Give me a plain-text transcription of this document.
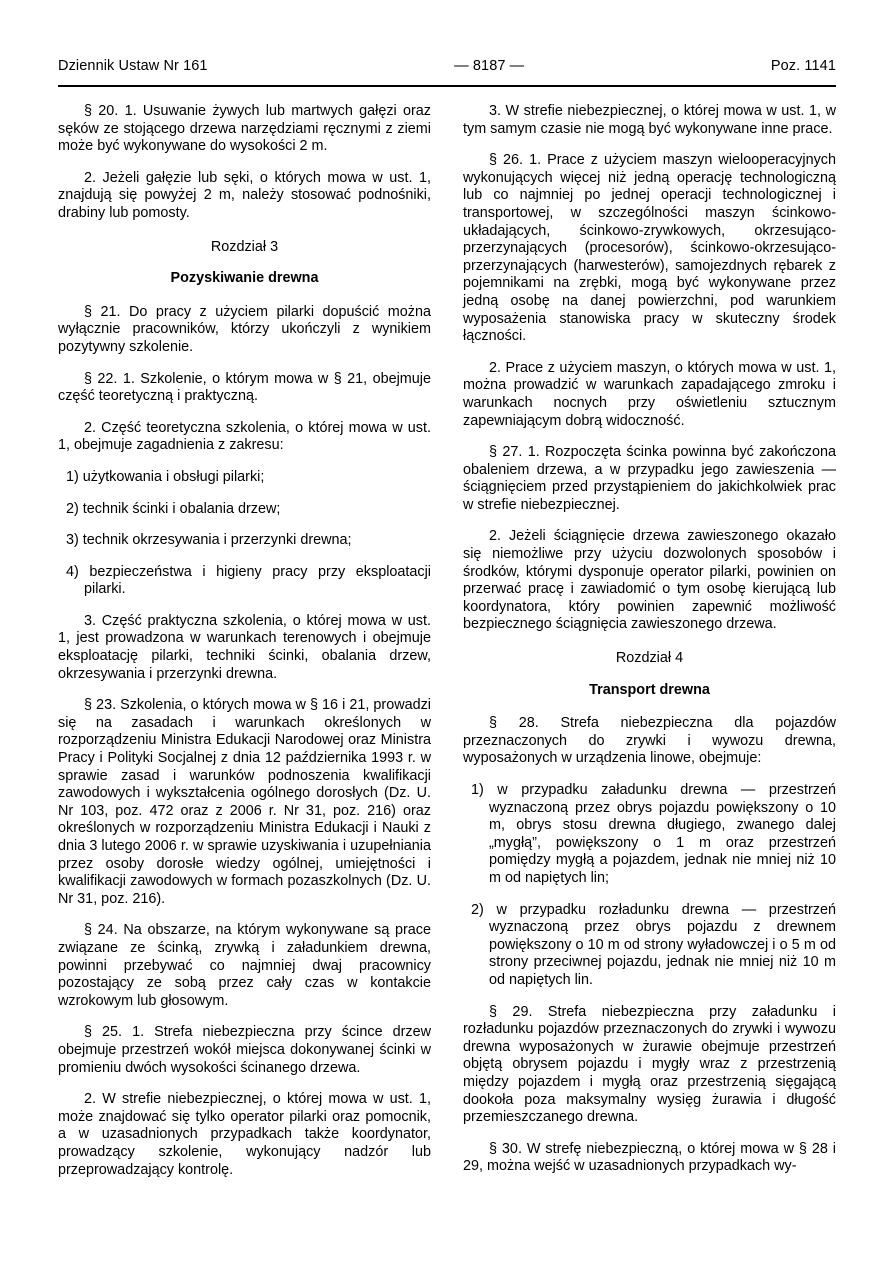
Dziennik Ustaw Nr 161	— 8187 —	Poz. 1141

§ 20. 1. Usuwanie żywych lub martwych gałęzi oraz sęków ze stojącego drzewa narzędziami ręcznymi z ziemi może być wykonywane do wysokości 2 m.

2. Jeżeli gałęzie lub sęki, o których mowa w ust. 1, znajdują się powyżej 2 m, należy stosować podnośniki, drabiny lub pomosty.

Rozdział 3
Pozyskiwanie drewna

§ 21. Do pracy z użyciem pilarki dopuścić można wyłącznie pracowników, którzy ukończyli z wynikiem pozytywny szkolenie.

§ 22. 1. Szkolenie, o którym mowa w § 21, obejmuje część teoretyczną i praktyczną.

2. Część teoretyczna szkolenia, o której mowa w ust. 1, obejmuje zagadnienia z zakresu:

1) użytkowania i obsługi pilarki;

2) technik ścinki i obalania drzew;

3) technik okrzesywania i przerzynki drewna;

4) bezpieczeństwa i higieny pracy przy eksploatacji pilarki.

3. Część praktyczna szkolenia, o której mowa w ust. 1, jest prowadzona w warunkach terenowych i obejmuje eksploatację pilarki, techniki ścinki, obalania drzew, okrzesywania i przerzynki drewna.

§ 23. Szkolenia, o których mowa w § 16 i 21, prowadzi się na zasadach i warunkach określonych w rozporządzeniu Ministra Edukacji Narodowej oraz Ministra Pracy i Polityki Socjalnej z dnia 12 października 1993 r. w sprawie zasad i warunków podnoszenia kwalifikacji zawodowych i wykształcenia ogólnego dorosłych (Dz. U. Nr 103, poz. 472 oraz z 2006 r. Nr 31, poz. 216) oraz określonych w rozporządzeniu Ministra Edukacji i Nauki z dnia 3 lutego 2006 r. w sprawie uzyskiwania i uzupełniania przez osoby dorosłe wiedzy ogólnej, umiejętności i kwalifikacji zawodowych w formach pozaszkolnych (Dz. U. Nr 31, poz. 216).

§ 24. Na obszarze, na którym wykonywane są prace związane ze ścinką, zrywką i załadunkiem drewna, powinni przebywać co najmniej dwaj pracownicy pozostający ze sobą przez cały czas w kontakcie wzrokowym lub głosowym.

§ 25. 1. Strefa niebezpieczna przy ścince drzew obejmuje przestrzeń wokół miejsca dokonywanej ścinki w promieniu dwóch wysokości ścinanego drzewa.

2. W strefie niebezpiecznej, o której mowa w ust. 1, może znajdować się tylko operator pilarki oraz pomocnik, a w uzasadnionych przypadkach także koordynator, prowadzący szkolenie, wykonujący nadzór lub przeprowadzający kontrolę.

3. W strefie niebezpiecznej, o której mowa w ust. 1, w tym samym czasie nie mogą być wykonywane inne prace.

§ 26. 1. Prace z użyciem maszyn wielooperacyjnych wykonujących więcej niż jedną operację technologiczną lub co najmniej po jednej operacji technologicznej i transportowej, w szczególności maszyn ścinkowo-układających, ścinkowo-zrywkowych, okrzesująco-przerzynających (procesorów), ścinkowo-okrzesująco-przerzynających (harwesterów), samojezdnych rębarek z pojemnikami na zrębki, mogą być wykonywane przez jedną osobę na danej powierzchni, pod warunkiem wyposażenia stanowiska pracy w skuteczny środek łączności.

2. Prace z użyciem maszyn, o których mowa w ust. 1, można prowadzić w warunkach zapadającego zmroku i warunkach nocnych przy oświetleniu sztucznym zapewniającym dobrą widoczność.

§ 27. 1. Rozpoczęta ścinka powinna być zakończona obaleniem drzewa, a w przypadku jego zawieszenia — ściągnięciem przed przystąpieniem do jakichkolwiek prac w strefie niebezpiecznej.

2. Jeżeli ściągnięcie drzewa zawieszonego okazało się niemożliwe przy użyciu dozwolonych sposobów i środków, którymi dysponuje operator pilarki, powinien on przerwać pracę i zawiadomić o tym osobę kierującą lub koordynatora, który powinien zapewnić możliwość bezpiecznego ściągnięcia zawieszonego drzewa.

Rozdział 4
Transport drewna

§ 28. Strefa niebezpieczna dla pojazdów przeznaczonych do zrywki i wywozu drewna, wyposażonych w urządzenia linowe, obejmuje:

1) w przypadku załadunku drewna — przestrzeń wyznaczoną przez obrys pojazdu powiększony o 10 m, obrys stosu drewna długiego, zwanego dalej „mygłą”, powiększony o 1 m oraz przestrzeń pomiędzy mygłą a pojazdem, jednak nie mniej niż 10 m od napiętych lin;

2) w przypadku rozładunku drewna — przestrzeń wyznaczoną przez obrys pojazdu z drewnem powiększony o 10 m od strony wyładowczej i o 5 m od strony przeciwnej pojazdu, jednak nie mniej niż 10 m od napiętych lin.

§ 29. Strefa niebezpieczna przy załadunku i rozładunku pojazdów przeznaczonych do zrywki i wywozu drewna wyposażonych w żurawie obejmuje przestrzeń objętą obrysem pojazdu i mygły wraz z przestrzenią między pojazdem i mygłą oraz przestrzenią sięgającą dookoła poza maksymalny wysięg żurawia i długość przemieszczanego drewna.

§ 30. W strefę niebezpieczną, o której mowa w § 28 i 29, można wejść w uzasadnionych przypadkach wy-
